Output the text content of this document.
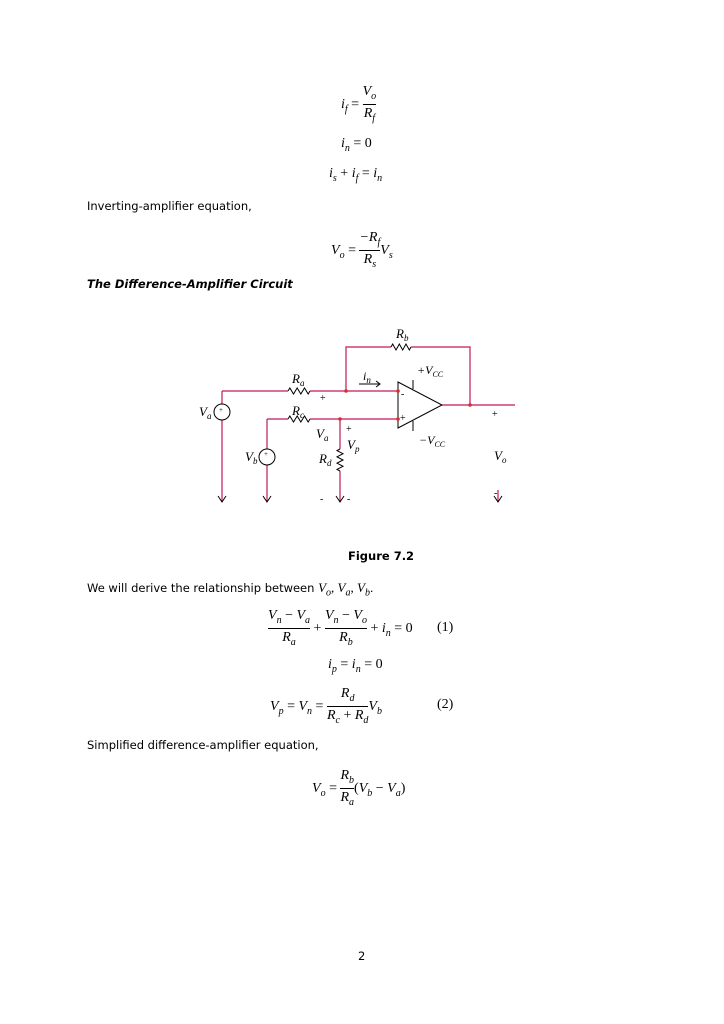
$i_f = \frac{V_o}{R_f}$
$i_n = 0$
$i_s + i_f = i_n$
Inverting-amplifier equation,
$V_o = \frac{-R_f}{R_s} V_s$
The Difference-Amplifier Circuit
$R_b$
$R_a$
$R_c$
$R_d$
$i_n$
$+V_{CC}$
$-V_{CC}$
$V_a$
$V_b$
$V_a$ $V_p$	$V_o$
+
+
+
-
+
-
- -
+
+
Figure 7.2
We will derive the relationship between $V_o$, $V_a$, $V_b$.
$\frac{V_n - V_a}{R_a} + \frac{V_n - V_o}{R_b} + i_n = 0$ (1)
$i_p = i_n = 0$
$V_p = V_n = \frac{R_d}{R_c + R_d} V_b$	(2)
Simplified difference-amplifier equation,
$V_o = \frac{R_b}{R_a} (V_b - V_a)$
2
